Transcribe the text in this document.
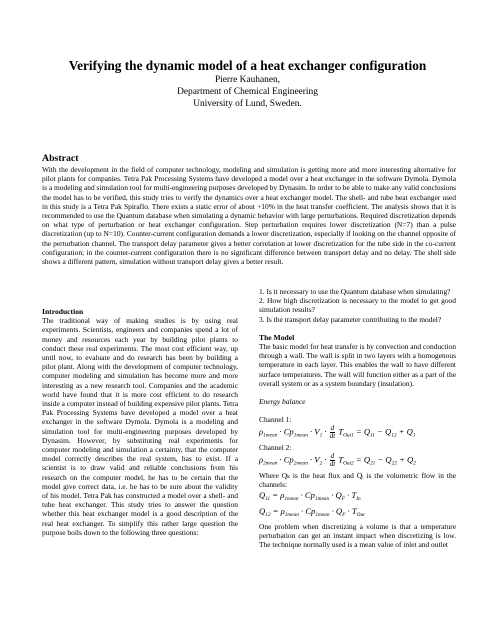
Verifying the dynamic model of a heat exchanger configuration
Pierre Kauhanen,
Department of Chemical Engineering
University of Lund, Sweden.
Abstract

With the development in the field of computer technology, modeling and simulation is getting more and more interesting alternative for pilot plants for companies. Tetra Pak Processing Systems have developed a model over a heat exchanger in the software Dymola. Dymola is a modeling and simulation tool for multi-engineering purposes developed by Dynasim. In order to be able to make any valid conclusions the model has to be verified, this study tries to verify the dynamics over a heat exchanger model. The shell- and tube heat exchanger used in this study is a Tetra Pak Spiraflo. There exists a static error of about +10% in the heat transfer coefficient. The analysis shows that it is recommended to use the Quantum database when simulating a dynamic behavior with large perturbations. Required discretization depends on what type of perturbation or heat exchanger configuration. Step perturbation requires lower discretization (N=7) than a pulse discretization (up to N=10). Counter-current configuration demands a lower discretization, especially if looking on the channel opposite of the perturbation channel. The transport delay parameter gives a better correlation at lower discretization for the tube side in the co-current configuration; in the counter-current configuration there is no significant difference between transport delay and no delay. The shell side shows a different pattern, simulation without transport delay gives a better result.

Introduction

The traditional way of making studies is by using real experiments. Scientists, engineers and companies spend a lot of money and resources each year by building pilot plants to conduct these real experiments. The most cost efficient way, up until now, to evaluate and do research has been by building a pilot plant. Along with the development of computer technology, computer modeling and simulation has become more and more interesting as a new research tool. Companies and the academic world have found that it is more cost efficient to do research inside a computer instead of building expensive pilot plants. Tetra Pak Processing Systems have developed a model over a heat exchanger in the software Dymola. Dymola is a modeling and simulation tool for multi-engineering purposes developed by Dynasim. However, by substituting real experiments for computer modeling and simulation a certainty, that the computer model correctly describes the real system, has to exist. If a scientist is to draw valid and reliable conclusions from his research on the computer model, he has to be certain that the model give correct data, i.e. he has to be sure about the validity of his model. Tetra Pak has constructed a model over a shell- and tube heat exchanger. This study tries to answer the question whether this heat exchanger model is a good description of the real heat exchanger. To simplify this rather large question the purpose boils down to the following three questions:

1. Is it necessary to use the Quantum database when simulating?

2. How high discretization is necessary to the model to get good simulation results?

3. Is the transport delay parameter contributing to the model?

The Model

The basic model for heat transfer is by convection and conduction through a wall. The wall is split in two layers with a homogenous temperature in each layer. This enables the wall to have different surface temperatures. The wall will function either as a part of the overall system or as a system boundary (insulation).

Energy balance

Channel 1:

$\rho_{1mean} \cdot Cp_{1mean} \cdot V_1 \cdot \frac{d}{dt} T_{Out1} = Q_{11} - Q_{12} + Q_1$

Channel 2:

$\rho_{2mean} \cdot Cp_{2mean} \cdot V_2 \cdot \frac{d}{dt} T_{Out2} = Q_{21} - Q_{22} + Q_2$

Where Qₖ is the heat flux and Qᵢ is the volumetric flow in the channels:

$Q_{11} = \rho_{1mean} \cdot Cp_{1mean} \cdot Q_F \cdot T_{In}$
$Q_{12} = \rho_{1mean} \cdot Cp_{1mean} \cdot Q_F \cdot T_{Out}$

One problem when discretizing a volume is that a temperature perturbation can get an instant impact when discretizing is low. The technique normally used is a mean value of inlet and outlet
